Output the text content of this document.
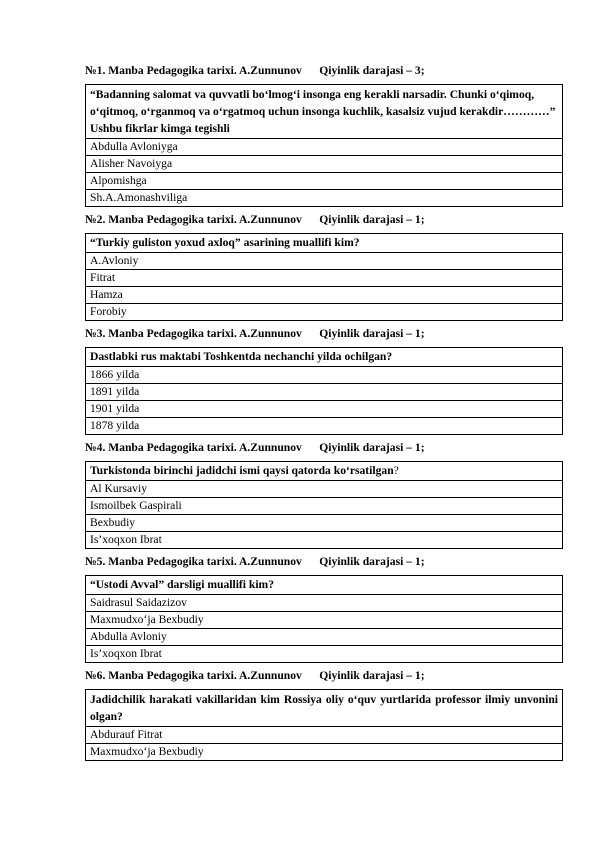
№1. Manba Pedagogika tarixi. A.Zunnunov      Qiyinlik darajasi – 3;
“Badanning salomat va quvvatli bo‘lmog‘i insonga eng kerakli narsadir. Chunki o‘qimoq, o‘qitmoq, o‘rganmoq va o‘rgatmoq uchun insonga kuchlik, kasalsiz vujud kerakdir…………” Ushbu fikrlar kimga tegishli
Abdulla Avloniyga
Alisher Navoiyga
Alpomishga
Sh.A.Amonashviliga
№2. Manba Pedagogika tarixi. A.Zunnunov      Qiyinlik darajasi – 1;
“Turkiy guliston yoxud axloq” asarining muallifi kim?
A.Avloniy
Fitrat
Hamza
Forobiy
№3. Manba Pedagogika tarixi. A.Zunnunov      Qiyinlik darajasi – 1;
Dastlabki rus maktabi Toshkentda nechanchi yilda ochilgan?
1866 yilda
1891 yilda
1901 yilda
1878 yilda
№4. Manba Pedagogika tarixi. A.Zunnunov      Qiyinlik darajasi – 1;
Turkistonda birinchi jadidchi ismi qaysi qatorda ko‘rsatilgan?
Al Kursaviy
Ismoilbek Gaspirali
Bexbudiy
Is’xoqxon Ibrat
№5. Manba Pedagogika tarixi. A.Zunnunov      Qiyinlik darajasi – 1;
“Ustodi Avval” darsligi muallifi kim?
Saidrasul Saidazizov
Maxmudxo‘ja Bexbudiy
Abdulla Avloniy
Is’xoqxon Ibrat
№6. Manba Pedagogika tarixi. A.Zunnunov      Qiyinlik darajasi – 1;
Jadidchilik harakati vakillaridan kim Rossiya oliy o‘quv yurtlarida professor ilmiy unvonini olgan?
Abdurauf Fitrat
Maxmudxo‘ja Bexbudiy
